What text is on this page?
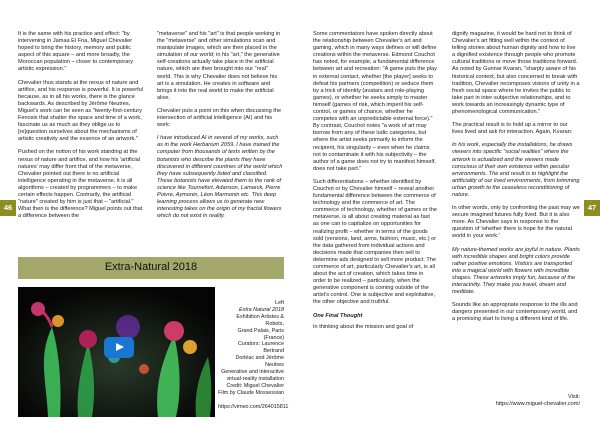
46	47

It is the same with his practice and effect: "by intervening in Jamaa El Fna, Miguel Chevalier hoped to bring the history, memory and public aspect of this square – and more broadly, the Moroccan population – closer to contemporary artistic expression."

Chevalier thus stands at the nexus of nature and artifice, and his response is powerful. It is powerful because, as in all his works, there is the glance backwards. As described by Jérôme Neutres, Miguel's work can be seen as "twenty-first-century Fenosis that shatter the space and time of a work, fascinate us as much as they oblige us to [re]question ourselves about the mechanisms of artistic creativity and the essence of an artwork."

Pushed on the notion of his work standing at the nexus of nature and artifice, and how his 'artificial natures' may differ from that of the metaverse, Chevalier pointed out there is no artificial intelligence operating in the metaverse, it is all algorithms – created by programmers – to make certain effects happen. Contrarily, the artificial "nature" created by him is just that – "artificial." What then is the difference? Miguel points out that a difference between the

"metaverse" and his "art" is that people working in the "metaverse" and other simulations scan and manipulate images, which are then placed in the simulation of our world; in his "art," the generative self-creations actually take place in the artificial nature, which are then brought into our "real" world. This is why Chevalier does not believe his art is a simulation. He creates in software and brings it into the real world to make the artificial alive.

Chevalier puts a point on this when discussing the intersection of artificial intelligence (AI) and his work:

I have introduced AI in several of my works, such as in the work Herbarium 2059. I have trained the computer from thousands of texts written by the botanists who describe the plants they have discovered in different countries of the world which they have subsequently listed and classified. These botanists have elevated them to the rank of science like Tournefort, Adanson, Lamarck, Pierre Poivre, Aymonin, Léon Marmonin etc. This deep learning process allows us to generate new interesting takes on the origin of my fractal flowers which do not exist in reality.

Some commentators have spoken directly about the relationship between Chevalier's art and gaming, which in many ways defines or will define creations within the metaverse. Edmond Couchot has noted, for example, a fundamental difference between art and recreation: "A game puts the play in external contact, whether [the player] seeks to defeat his partners (competition) or seduce them by a trick of identity (avatars and role-playing games), or whether he seeks simply to master himself (games of risk, which imperil his self-control, or games of chance, whether he competes with an unpredictable external force)." By contrast, Couchot notes "a work of art may borrow from any of these ludic categories, but where the artist seeks primarily to inform the recipient, his singularity – even when he claims not to contaminate it with his subjectivity – the author of a game does not try to manifest himself, does not take part."

Such differentiations – whether identified by Couchot or by Chevalier himself – reveal another fundamental difference between the commerce of technology and the commerce of art. The commerce of technology, whether of games or the metaverse, is all about creating material as fast as one can to capitalize on opportunities for realizing profit – whether in terms of the goods sold (versions, land, arms, fashion, music, etc.) or the data gathered from individual actions and decisions made that companies then sell to determine ads designed to sell more product. The commerce of art, particularly Chevalier's art, is all about the act of creation, which takes time in order to be realized – particularly, when the generative component is coming outside of the artist's control. One is subjective and exploitative, the other objective and truthful.

One Final Thought

In thinking about the mission and goal of

dignify magazine, it would be hard not to think of Chevalier's art fitting well within the context of telling stories about human dignity and how to live a dignified existence through people who promote cultural traditions or move those traditions forward. As noted by Gunnar Kvaran, "sharply aware of his historical context, but also concerned to break with tradition, Chevalier recomposes visions of unity in a fresh social space where he invites the public to take part in inter-subjective relationships, and to work towards an increasingly dynamic type of phenomenological communication."

The practical result is to hold up a mirror to our lives lived and ask for interaction. Again, Kvaran:

In his work, especially the installations, he draws viewers into specific "social realities" where the artwork is actualized and the viewers made conscious of their own existence within peculiar environments. The end result is to highlight the artificiality of our lived environments, from brimming urban growth to the ceaseless reconditioning of nature.

In other words, only by confronting the past may we secure imagined futures fully lived. But it is also more. As Chevalier says in response to the question of 'whether there is hope for the natural world in your work:'

My nature-themed works are joyful in nature. Plants with incredible shapes and bright colors provide rather positive emotions. Visitors are transported into a magical world with flowers with incredible shapes. These artworks imply fun, because of the interactivity. They make you travel, dream and meditate.

Sounds like an appropriate response to the ills and dangers presented in our contemporary world, and a promising start to living a different kind of life.

Extra-Natural 2018
Left
Extra Natural 2018
Exhibition Artistes & Robots,
Grand Palais, Paris (France)
Curators: Laurence Bertrand
Dorléac and Jérôme Neutres
Generative and interactive
virtual-reality installation
Credit: Miguel Chevalier
Film by Claude Mossessian :
https://vimeo.com/264015811
Visit:
https://www.miguel-chevalier.com/
